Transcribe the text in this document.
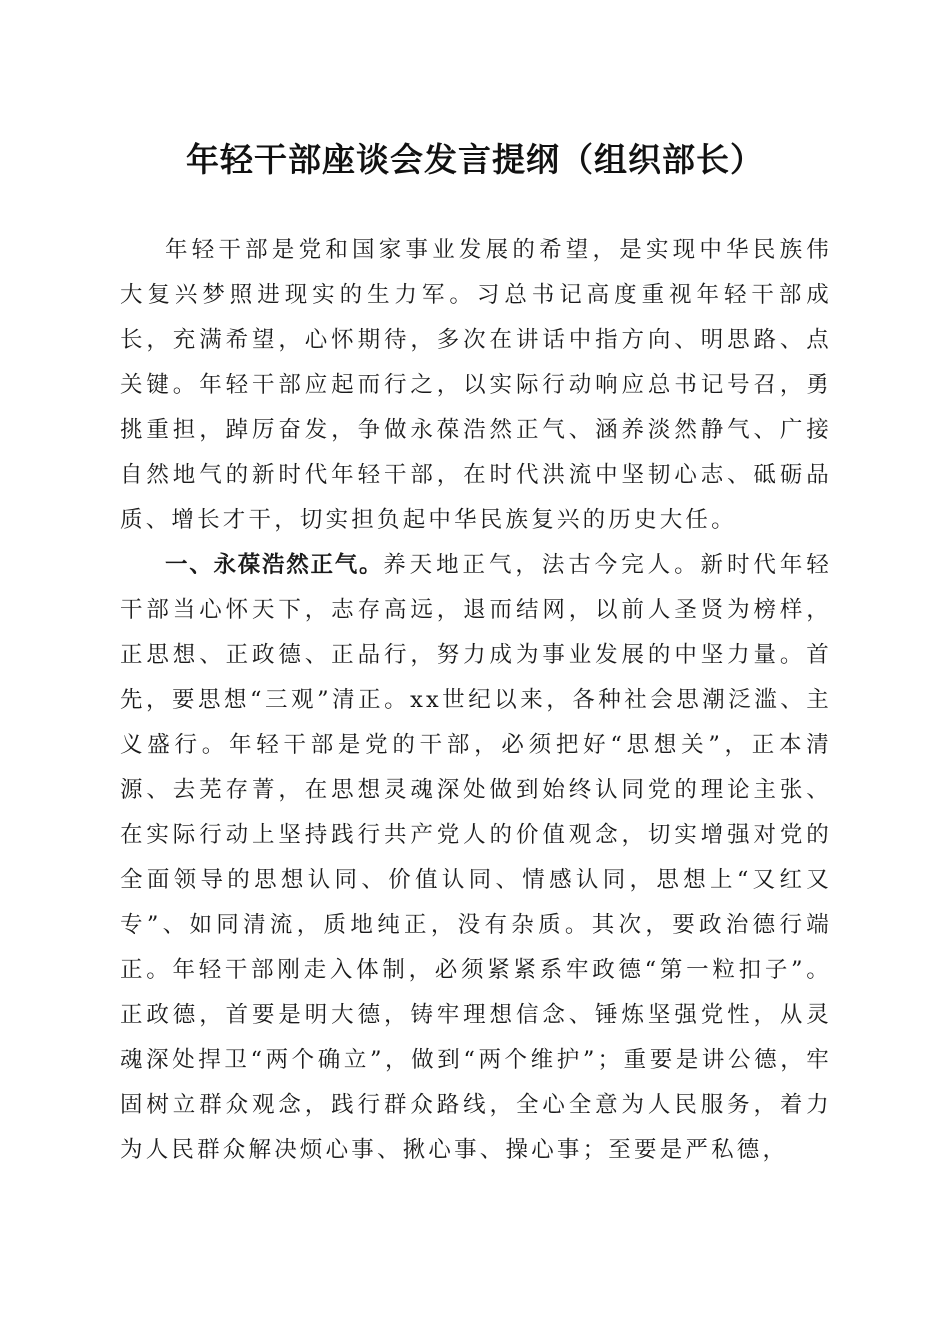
年轻干部座谈会发言提纲（组织部长）

年轻干部是党和国家事业发展的希望，是实现中华民族伟大复兴梦照进现实的生力军。习总书记高度重视年轻干部成长，充满希望，心怀期待，多次在讲话中指方向、明思路、点关键。年轻干部应起而行之，以实际行动响应总书记号召，勇挑重担，踔厉奋发，争做永葆浩然正气、涵养淡然静气、广接自然地气的新时代年轻干部，在时代洪流中坚韧心志、砥砺品质、增长才干，切实担负起中华民族复兴的历史大任。

一、永葆浩然正气。养天地正气，法古今完人。新时代年轻干部当心怀天下，志存高远，退而结网，以前人圣贤为榜样，正思想、正政德、正品行，努力成为事业发展的中坚力量。首先，要思想“三观”清正。xx世纪以来，各种社会思潮泛滥、主义盛行。年轻干部是党的干部，必须把好“思想关”，正本清源、去芜存菁，在思想灵魂深处做到始终认同党的理论主张、在实际行动上坚持践行共产党人的价值观念，切实增强对党的全面领导的思想认同、价值认同、情感认同，思想上“又红又专”、如同清流，质地纯正，没有杂质。其次，要政治德行端正。年轻干部刚走入体制，必须紧紧系牢政德“第一粒扣子”。正政德，首要是明大德，铸牢理想信念、锤炼坚强党性，从灵魂深处捍卫“两个确立”，做到“两个维护”；重要是讲公德，牢固树立群众观念，践行群众路线，全心全意为人民服务，着力为人民群众解决烦心事、揪心事、操心事；至要是严私德，
